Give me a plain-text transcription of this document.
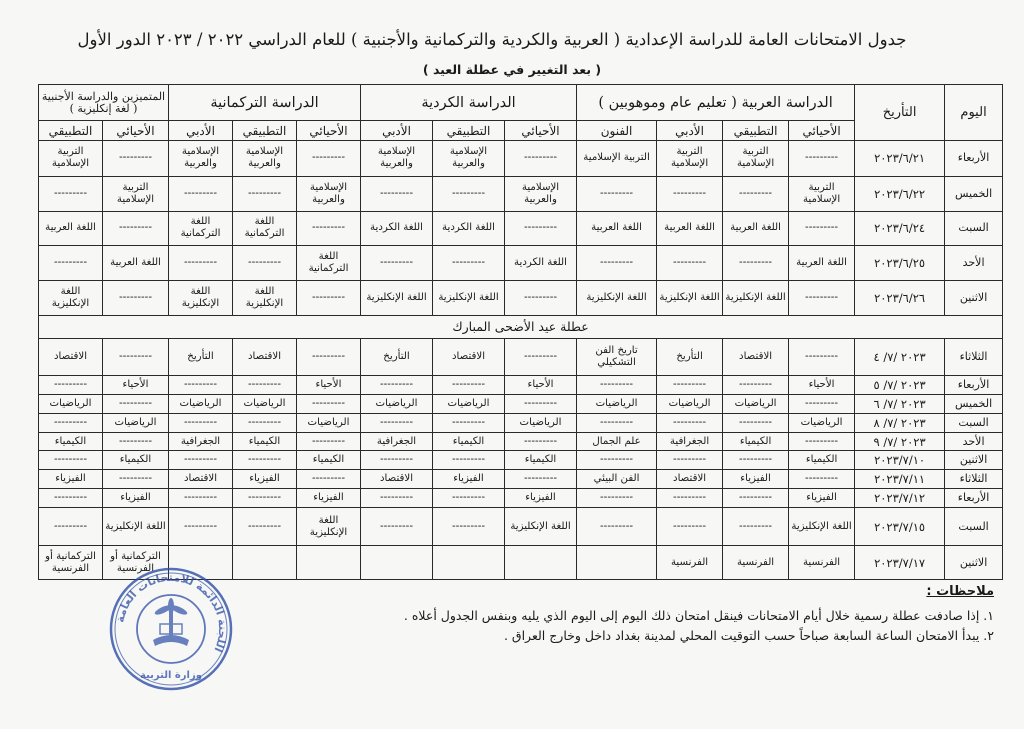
جدول الامتحانات العامة للدراسة الإعدادية ( العربية والكردية والتركمانية والأجنبية ) للعام الدراسي ٢٠٢٢ / ٢٠٢٣ الدور الأول
( بعد التغيير في عطلة العيد )
اليوم	التأريخ	الدراسة العربية ( تعليم عام وموهوبين )				الدراسة الكردية			الدراسة التركمانية			المتميزين والدراسة الأجنبية ( لغة إنكليزية )	
		الأحيائي	التطبيقي	الأدبي	الفنون	الأحيائي	التطبيقي	الأدبي	الأحيائي	التطبيقي	الأدبي	الأحيائي	التطبيقي
الأربعاء	٢٠٢٣/٦/٢١	---------	التربية الإسلامية	التربية الإسلامية	التربية الإسلامية	---------	الإسلامية والعربية	الإسلامية والعربية	---------	الإسلامية والعربية	الإسلامية والعربية	---------	التربية الإسلامية
الخميس	٢٠٢٣/٦/٢٢	التربية الإسلامية	---------	---------	---------	الإسلامية والعربية	---------	---------	الإسلامية والعربية	---------	---------	التربية الإسلامية	---------
السبت	٢٠٢٣/٦/٢٤	---------	اللغة العربية	اللغة العربية	اللغة العربية	---------	اللغة الكردية	اللغة الكردية	---------	اللغة التركمانية	اللغة التركمانية	---------	اللغة العربية
الأحد	٢٠٢٣/٦/٢٥	اللغة العربية	---------	---------	---------	اللغة الكردية	---------	---------	اللغة التركمانية	---------	---------	اللغة العربية	---------
الاثنين	٢٠٢٣/٦/٢٦	---------	اللغة الإنكليزية	اللغة الإنكليزية	اللغة الإنكليزية	---------	اللغة الإنكليزية	اللغة الإنكليزية	---------	اللغة الإنكليزية	اللغة الإنكليزية	---------	اللغة الإنكليزية
عطلة عيد الأضحى المبارك													
الثلاثاء	٢٠٢٣ /٧/ ٤	---------	الاقتصاد	التأريخ	تاريخ الفن التشكيلي	---------	الاقتصاد	التأريخ	---------	الاقتصاد	التأريخ	---------	الاقتصاد
الأربعاء	٢٠٢٣ /٧/ ٥	الأحياء	---------	---------	---------	الأحياء	---------	---------	الأحياء	---------	---------	الأحياء	---------
الخميس	٢٠٢٣ /٧/ ٦	---------	الرياضيات	الرياضيات	الرياضيات	---------	الرياضيات	الرياضيات	---------	الرياضيات	الرياضيات	---------	الرياضيات
السبت	٢٠٢٣ /٧/ ٨	الرياضيات	---------	---------	---------	الرياضيات	---------	---------	الرياضيات	---------	---------	الرياضيات	---------
الأحد	٢٠٢٣ /٧/ ٩	---------	الكيمياء	الجغرافية	علم الجمال	---------	الكيمياء	الجغرافية	---------	الكيمياء	الجغرافية	---------	الكيمياء
الاثنين	٢٠٢٣/٧/١٠	الكيمياء	---------	---------	---------	الكيمياء	---------	---------	الكيمياء	---------	---------	الكيمياء	---------
الثلاثاء	٢٠٢٣/٧/١١	---------	الفيزياء	الاقتصاد	الفن البيئي	---------	الفيزياء	الاقتصاد	---------	الفيزياء	الاقتصاد	---------	الفيزياء
الأربعاء	٢٠٢٣/٧/١٢	الفيزياء	---------	---------	---------	الفيزياء	---------	---------	الفيزياء	---------	---------	الفيزياء	---------
السبت	٢٠٢٣/٧/١٥	اللغة الإنكليزية	---------	---------	---------	اللغة الإنكليزية	---------	---------	اللغة الإنكليزية	---------	---------	اللغة الإنكليزية	---------
الاثنين	٢٠٢٣/٧/١٧	الفرنسية	الفرنسية	الفرنسية								التركمانية أو الفرنسية	التركمانية أو الفرنسية
اللجنة الدائمة للامتحانات العامة
وزارة التربية
ملاحظات :
١. إذا صادفت عطلة رسمية خلال أيام الامتحانات فينقل امتحان ذلك اليوم إلى اليوم الذي يليه وبنفس الجدول أعلاه .
٢. يبدأ الامتحان الساعة السابعة صباحاً حسب التوقيت المحلي لمدينة بغداد داخل وخارج العراق .
